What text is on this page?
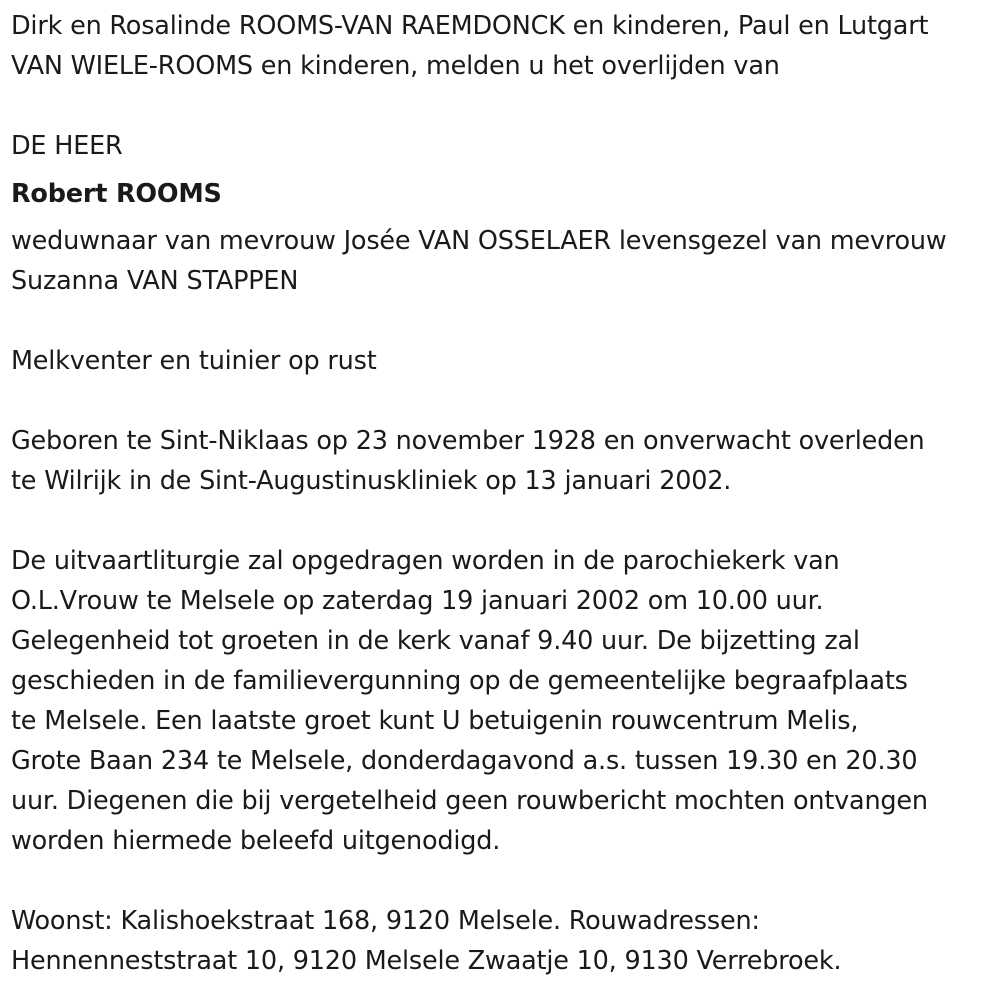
Dirk en Rosalinde ROOMS-VAN RAEMDONCK en kinderen, Paul en Lutgart
VAN WIELE-ROOMS en kinderen, melden u het overlijden van
DE HEER
Robert ROOMS
weduwnaar van mevrouw Josée VAN OSSELAER levensgezel van mevrouw
Suzanna VAN STAPPEN
Melkventer en tuinier op rust
Geboren te Sint-Niklaas op 23 november 1928 en onverwacht overleden
te Wilrijk in de Sint-Augustinuskliniek op 13 januari 2002.
De uitvaartliturgie zal opgedragen worden in de parochiekerk van
O.L.Vrouw te Melsele op zaterdag 19 januari 2002 om 10.00 uur.
Gelegenheid tot groeten in de kerk vanaf 9.40 uur. De bijzetting zal
geschieden in de familievergunning op de gemeentelijke begraafplaats
te Melsele. Een laatste groet kunt U betuigenin rouwcentrum Melis,
Grote Baan 234 te Melsele, donderdagavond a.s. tussen 19.30 en 20.30
uur. Diegenen die bij vergetelheid geen rouwbericht mochten ontvangen
worden hiermede beleefd uitgenodigd.
Woonst: Kalishoekstraat 168, 9120 Melsele. Rouwadressen:
Hennenneststraat 10, 9120 Melsele Zwaatje 10, 9130 Verrebroek.
